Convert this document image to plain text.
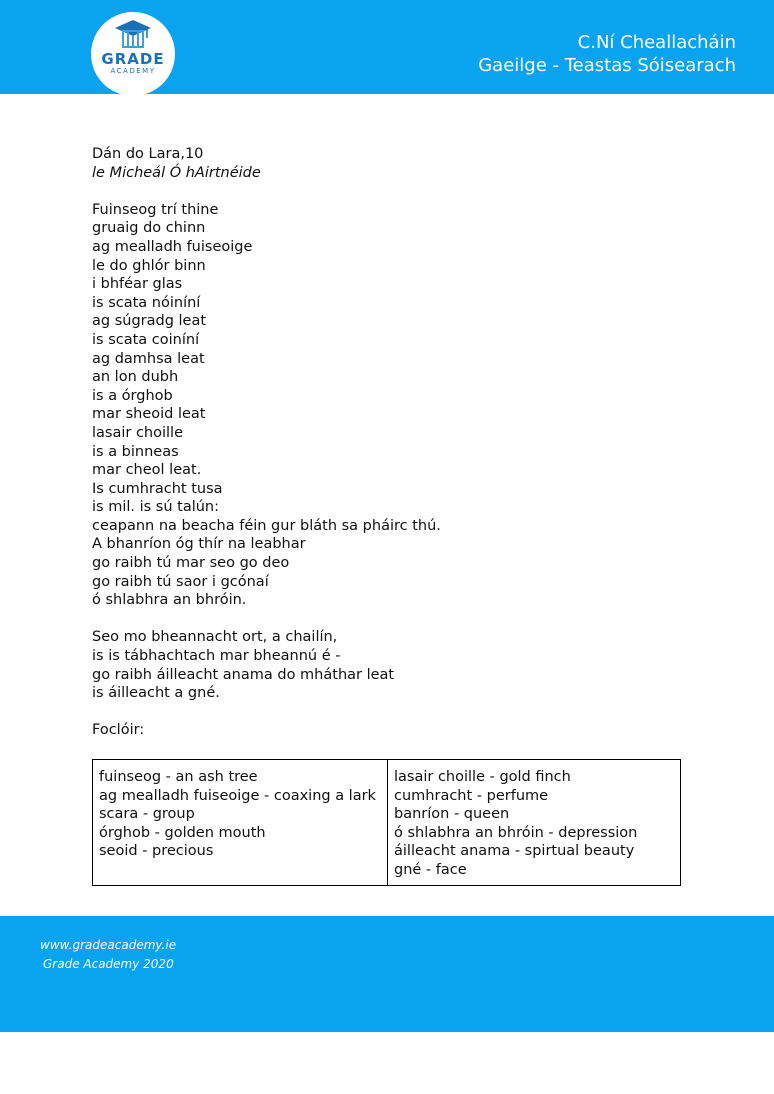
GRADE
ACADEMY
C.Ní Cheallacháin
Gaeilge - Teastas Sóisearach
Dán do Lara,10
le Micheál Ó hAirtnéide
Fuinseog trí thine
gruaig do chinn
ag mealladh fuiseoige
le do ghlór binn
i bhféar glas
is scata nóinín​í
ag súgradg leat
is scata coinín​í
ag damhsa leat
an lon dubh
is a órghob
mar sheoid leat
lasair choille
is a binneas
mar cheol leat.
Is cumhracht tusa
is mil. is sú talún:
ceapann na beacha féin gur bláth sa pháirc thú.
A bhanríon óg thír na leabhar
go raibh tú mar seo go deo
go raibh tú saor i gcónaí
ó shlabhra an bhróin.
Seo mo bheannacht ort, a chailín,
is is tábhachtach mar bheannú é -
go raibh áilleacht anama do mháthar leat
is áilleacht a gné.
Foclóir:
fuinseog - an ash tree
ag mealladh fuiseoige - coaxing a lark
scara - group
órghob - golden mouth
seoid - precious

lasair choille - gold finch
cumhracht - perfume
banríon - queen
ó shlabhra an bhróin - depression
áilleacht anama - spirtual beauty
gné - face
www.gradeacademy.ie
Grade Academy 2020
